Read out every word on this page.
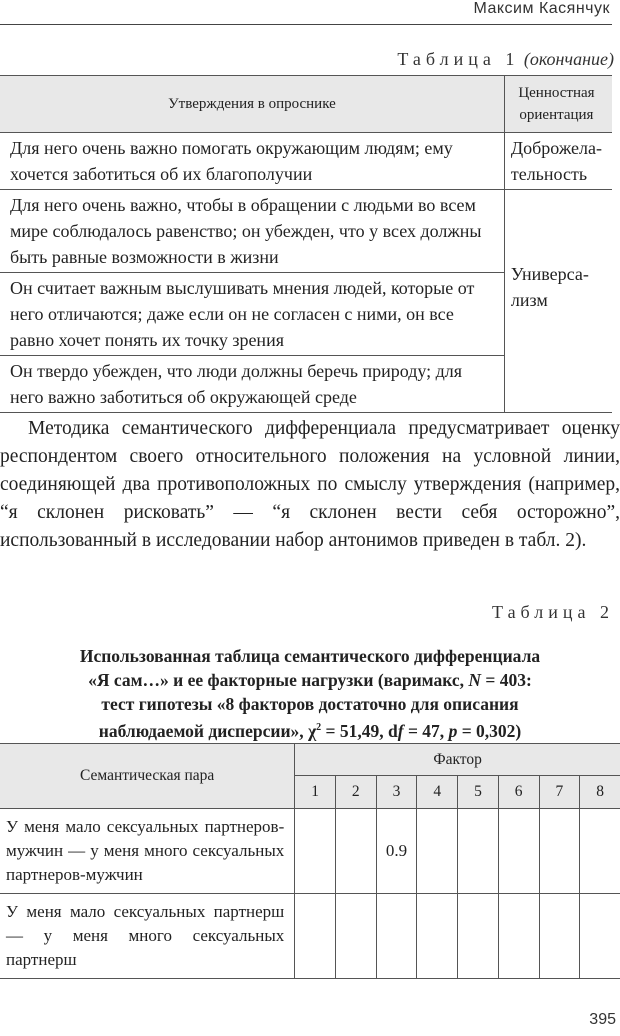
Максим Касянчук
Таблица 1 (окончание)
Утверждения в опроснике	Ценностная ориентация
Для него очень важно помогать окружающим людям; ему хочется заботиться об их благополучии	Доброжела-тельность
Для него очень важно, чтобы в обращении с людьми во всем мире соблюдалось равенство; он убежден, что у всех должны быть равные возможности в жизни	Универса-лизм
Он считает важным выслушивать мнения людей, которые от него отличаются; даже если он не согласен с ними, он все равно хочет понять их точку зрения	
Он твердо убежден, что люди должны беречь природу; для него важно заботиться об окружающей среде	
Методика семантического дифференциала предусматривает оценку респондентом своего относительного положения на условной линии, соединяющей два противоположных по смыслу утверждения (например, “я склонен рисковать” — “я склонен вести себя осторожно”, использованный в исследовании набор антонимов приведен в табл. 2).
Таблица 2
Использованная таблица семантического дифференциала
«Я сам…» и ее факторные нагрузки (варимакс, N = 403:
тест гипотезы «8 факторов достаточно для описания
наблюдаемой дисперсии», $\chi^2 = 51,49$, df = 47, p = 0,302)
Семантическая пара	Фактор							
	1	2	3	4	5	6	7	8
У меня мало сексуальных партнеров-мужчин — у меня много сексуальных партнеров-мужчин			0.9					
У меня мало сексуальных партнерш — у меня много сексуальных партнерш								
395
